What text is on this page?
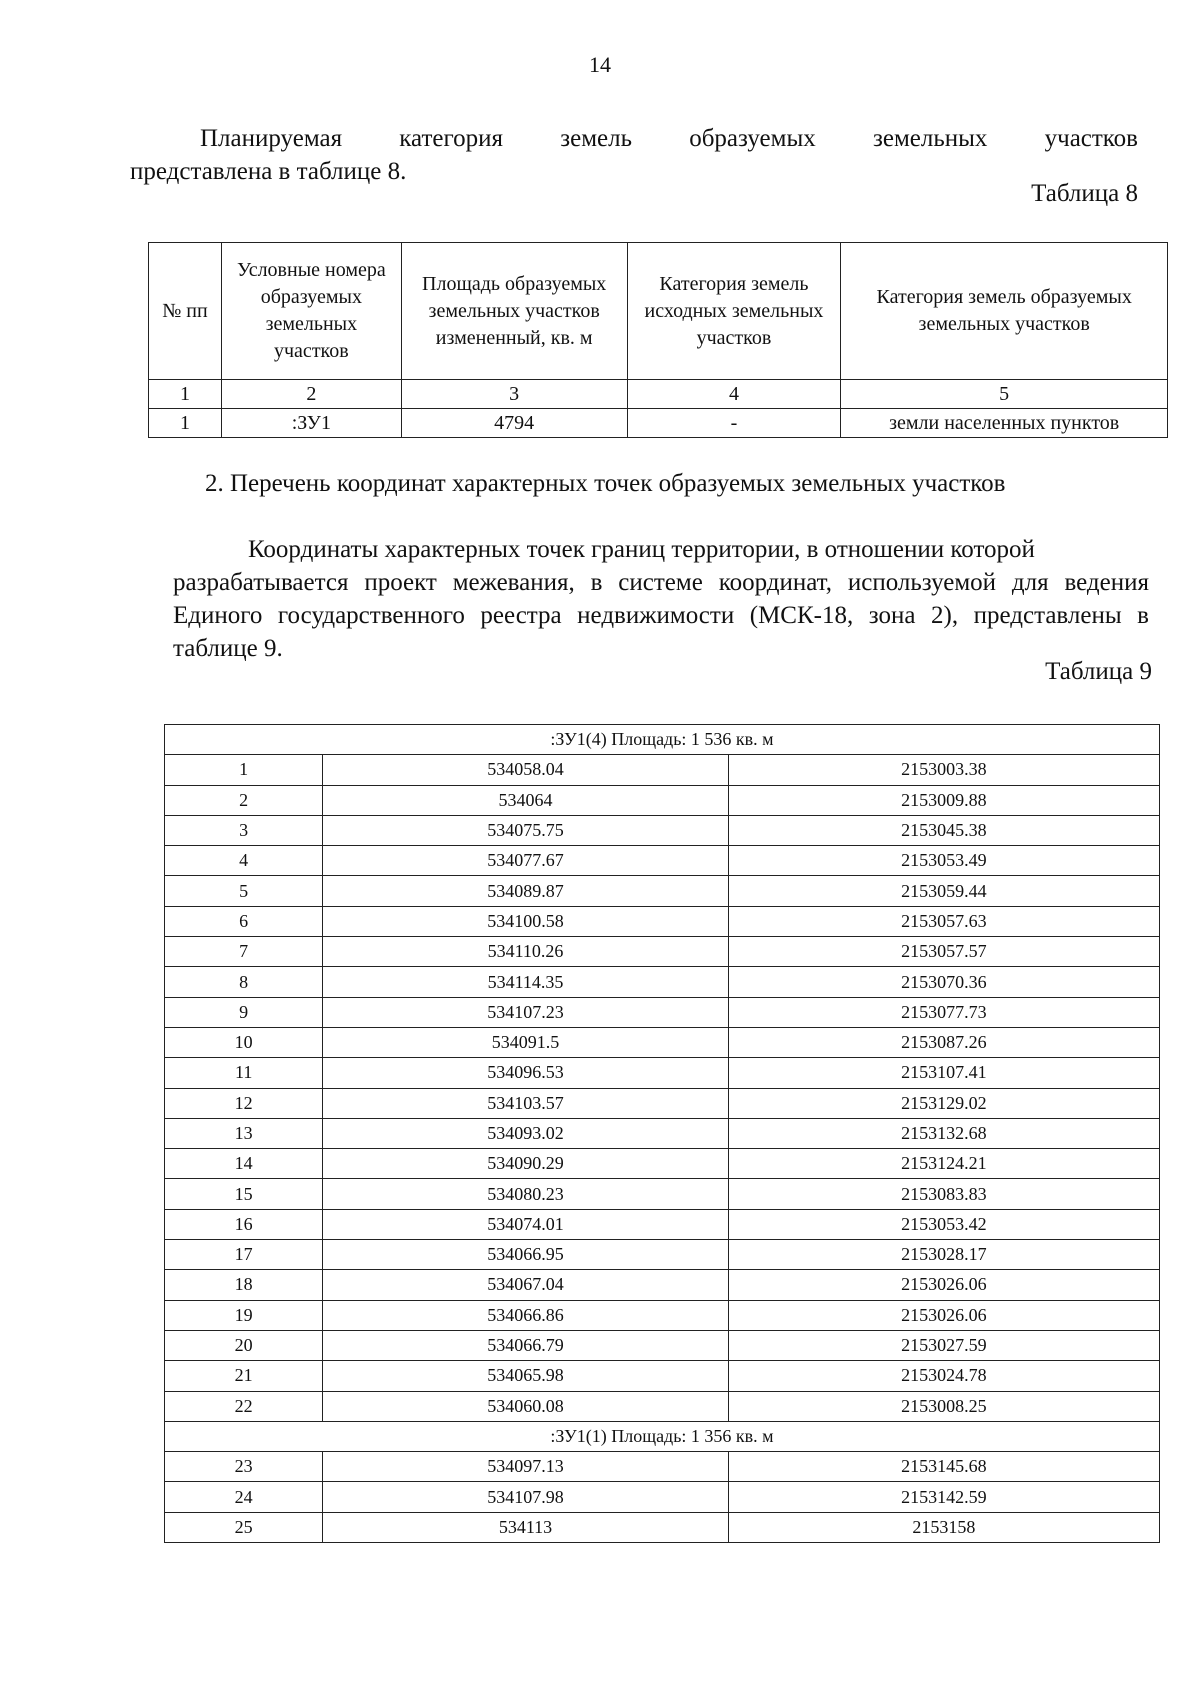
14
Планируемая категория земель образуемых земельных участков
представлена в таблице 8.
Таблица 8
№ пп	Условные номера образуемых земельных участков	Площадь образуемых земельных участков измененный, кв. м	Категория земель исходных земельных участков	Категория земель образуемых земельных участков
1	2	3	4	5
1	:ЗУ1	4794	-	земли населенных пунктов
2. Перечень координат характерных точек образуемых земельных участков
Координаты характерных точек границ территории, в отношении которой
разрабатывается проект межевания, в системе координат, используемой для ведения Единого государственного реестра недвижимости (МСК-18, зона 2), представлены в таблице 9.
Таблица 9
:ЗУ1(4) Площадь: 1 536 кв. м		
1	534058.04	2153003.38
2	534064	2153009.88
3	534075.75	2153045.38
4	534077.67	2153053.49
5	534089.87	2153059.44
6	534100.58	2153057.63
7	534110.26	2153057.57
8	534114.35	2153070.36
9	534107.23	2153077.73
10	534091.5	2153087.26
11	534096.53	2153107.41
12	534103.57	2153129.02
13	534093.02	2153132.68
14	534090.29	2153124.21
15	534080.23	2153083.83
16	534074.01	2153053.42
17	534066.95	2153028.17
18	534067.04	2153026.06
19	534066.86	2153026.06
20	534066.79	2153027.59
21	534065.98	2153024.78
22	534060.08	2153008.25
:ЗУ1(1) Площадь: 1 356 кв. м		
23	534097.13	2153145.68
24	534107.98	2153142.59
25	534113	2153158
